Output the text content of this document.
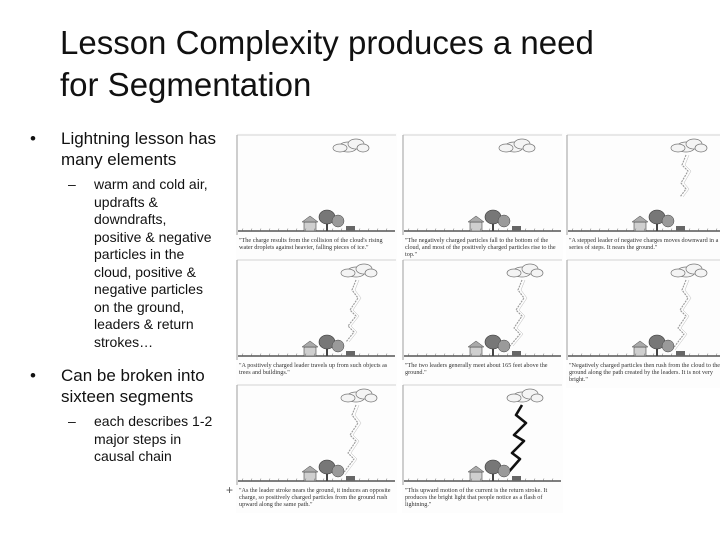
Lesson Complexity produces a need
for Segmentation
• Lightning lesson has
many elements
– warm and cold air,
updrafts &
downdrafts,
positive & negative
particles in the
cloud, positive &
negative particles
on the ground,
leaders & return
strokes…
• Can be broken into
sixteen segments
– each describes 1-2
major steps in
causal chain
"The charge results from the collision of the cloud's rising water droplets against heavier, falling pieces of ice."
"The negatively charged particles fall to the bottom of the cloud, and most of the positively charged particles rise to the top."
"A stepped leader of negative charges moves downward in a series of steps. It nears the ground."
"A positively charged leader travels up from such objects as trees and buildings."
"The two leaders generally meet about 165 feet above the ground."
"Negatively charged particles then rush from the cloud to the ground along the path created by the leaders. It is not very bright."
"As the leader stroke nears the ground, it induces an opposite charge, so positively charged particles from the ground rush upward along the same path."
"This upward motion of the current is the return stroke. It produces the bright light that people notice as a flash of lightning."
+
